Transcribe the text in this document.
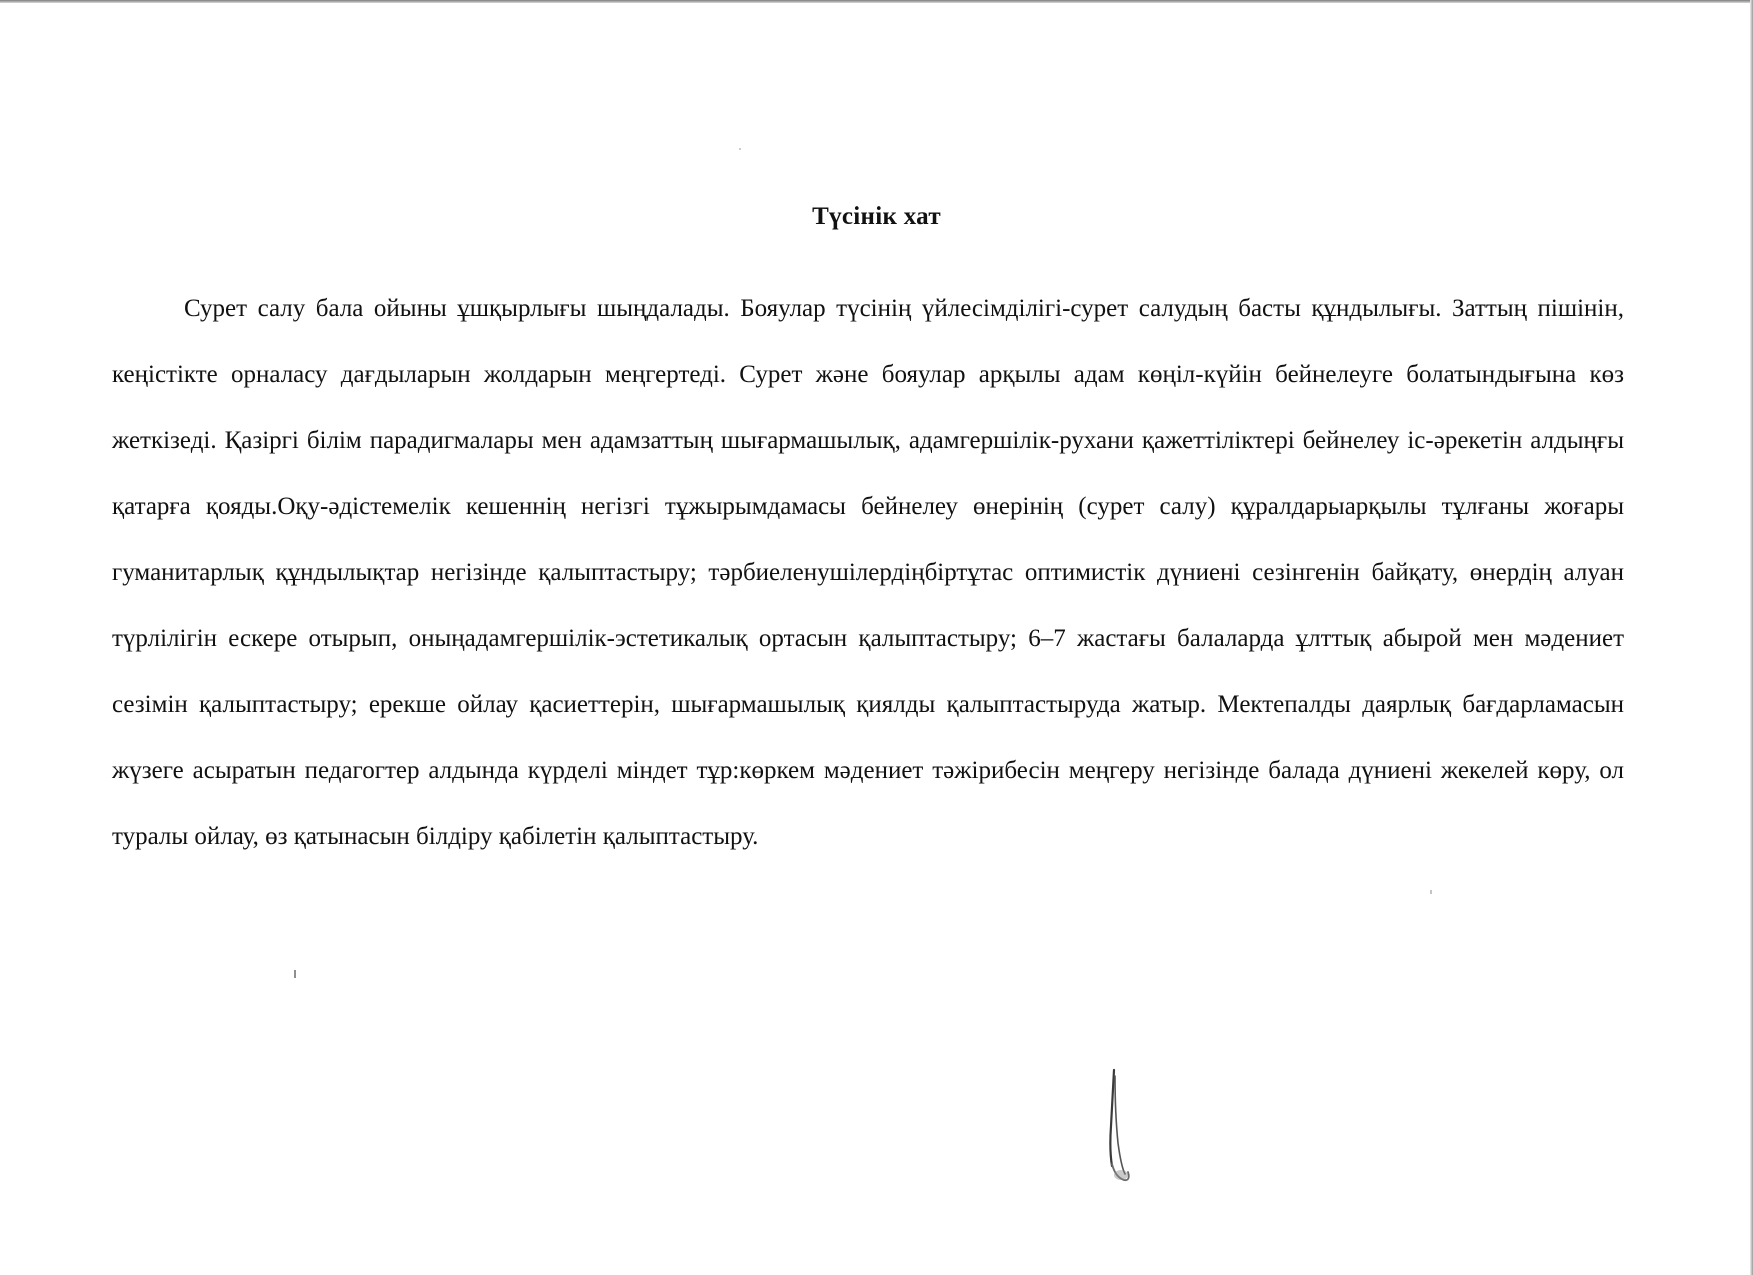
Түсінік хат

Сурет салу бала ойыны ұшқырлығы шыңдалады. Бояулар түсінің үйлесімділігі-сурет салудың басты құндылығы. Заттың пішінін, кеңістікте орналасу дағдыларын жолдарын меңгертеді. Сурет және бояулар арқылы адам көңіл-күйін бейнелеуге болатындығына көз жеткізеді. Қазіргі білім парадигмалары мен адамзаттың шығармашылық, адамгершілік-рухани қажеттіліктері бейнелеу іс-әрекетін алдыңғы қатарға қояды.Оқу-әдістемелік кешеннің негізгі тұжырымдамасы бейнелеу өнерінің (сурет салу) құралдарыарқылы тұлғаны жоғары гуманитарлық құндылықтар негізінде қалыптастыру; тәрбиеленушілердіңбіртұтас оптимистік дүниені сезінгенін байқату, өнердің алуан түрлілігін ескере отырып, оныңадамгершілік-эстетикалық ортасын қалыптастыру; 6–7 жастағы балаларда ұлттық абырой мен мәдениет сезімін қалыптастыру; ерекше ойлау қасиеттерін, шығармашылық қиялды қалыптастыруда жатыр. Мектепалды даярлық бағдарламасын жүзеге асыратын педагогтер алдында күрделі міндет тұр:көркем мәдениет тәжірибесін меңгеру негізінде балада дүниені жекелей көру, ол туралы ойлау, өз қатынасын білдіру қабілетін қалыптастыру.
